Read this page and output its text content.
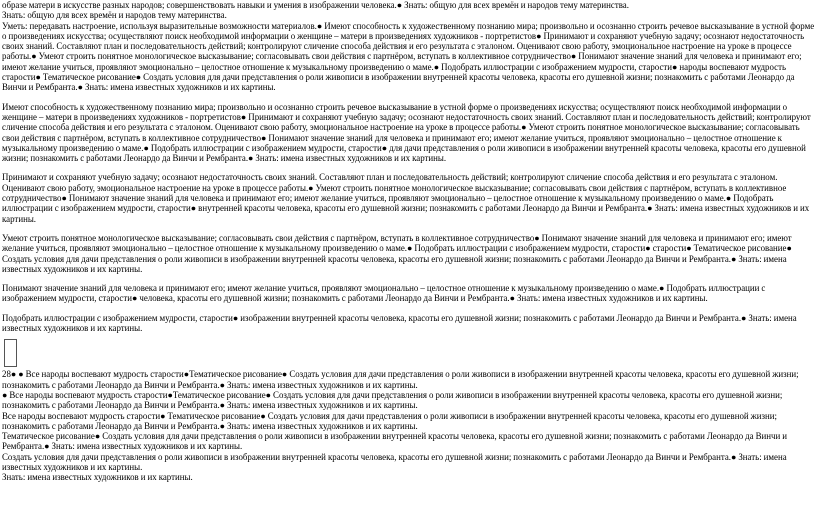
образе матери в искусстве разных народов; совершенствовать навыки и умения в изображении человека.● Знать: общую для всех времён и народов тему материнства.

Знать: общую для всех времён и народов тему материнства.

Уметь: передавать настроение, используя выразительные возможности материалов.● Имеют способность к художественному познанию мира; произвольно и осознанно строить речевое высказывание в устной форме о произведениях искусства; осуществляют поиск необходимой информации о женщине – матери в произведениях художников - портретистов● Принимают и сохраняют учебную задачу; осознают недостаточность своих знаний. Составляют план и последовательность действий; контролируют сличение способа действия и его результата с эталоном. Оценивают свою работу, эмоциональное настроение на уроке в процессе работы.● Умеют строить понятное монологическое высказывание; согласовывать свои действия с партнёром, вступать в коллективное сотрудничество● Понимают значение знаний для человека и принимают его; имеют желание учиться, проявляют эмоционально – целостное отношение к музыкальному произведению о маме.● Подобрать иллюстрации с изображением мудрости, старости● народы воспевают мудрость старости● Тематическое рисование● Создать условия для дачи представления о роли живописи в изображении внутренней красоты человека, красоты его душевной жизни; познакомить с работами Леонардо да Винчи и Рембранта.● Знать: имена известных художников и их картины.

Имеют способность к художественному познанию мира; произвольно и осознанно строить речевое высказывание в устной форме о произведениях искусства; осуществляют поиск необходимой информации о женщине – матери в произведениях художников - портретистов● Принимают и сохраняют учебную задачу; осознают недостаточность своих знаний. Составляют план и последовательность действий; контролируют сличение способа действия и его результата с эталоном. Оценивают свою работу, эмоциональное настроение на уроке в процессе работы.● Умеют строить понятное монологическое высказывание; согласовывать свои действия с партнёром, вступать в коллективное сотрудничество● Понимают значение знаний для человека и принимают его; имеют желание учиться, проявляют эмоционально – целостное отношение к музыкальному произведению о маме.● Подобрать иллюстрации с изображением мудрости, старости● для дачи представления о роли живописи в изображении внутренней красоты человека, красоты его душевной жизни; познакомить с работами Леонардо да Винчи и Рембранта.● Знать: имена известных художников и их картины.

Принимают и сохраняют учебную задачу; осознают недостаточность своих знаний. Составляют план и последовательность действий; контролируют сличение способа действия и его результата с эталоном. Оценивают свою работу, эмоциональное настроение на уроке в процессе работы.● Умеют строить понятное монологическое высказывание; согласовывать свои действия с партнёром, вступать в коллективное сотрудничество● Понимают значение знаний для человека и принимают его; имеют желание учиться, проявляют эмоционально – целостное отношение к музыкальному произведению о маме.● Подобрать иллюстрации с изображением мудрости, старости● внутренней красоты человека, красоты его душевной жизни; познакомить с работами Леонардо да Винчи и Рембранта.● Знать: имена известных художников и их картины.

Умеют строить понятное монологическое высказывание; согласовывать свои действия с партнёром, вступать в коллективное сотрудничество● Понимают значение знаний для человека и принимают его; имеют желание учиться, проявляют эмоционально – целостное отношение к музыкальному произведению о маме.● Подобрать иллюстрации с изображением мудрости, старости● старости● Тематическое рисование● Создать условия для дачи представления о роли живописи в изображении внутренней красоты человека, красоты его душевной жизни; познакомить с работами Леонардо да Винчи и Рембранта.● Знать: имена известных художников и их картины.

Понимают значение знаний для человека и принимают его; имеют желание учиться, проявляют эмоционально – целостное отношение к музыкальному произведению о маме.● Подобрать иллюстрации с изображением мудрости, старости● человека, красоты его душевной жизни; познакомить с работами Леонардо да Винчи и Рембранта.● Знать: имена известных художников и их картины.

Подобрать иллюстрации с изображением мудрости, старости● изображении внутренней красоты человека, красоты его душевной жизни; познакомить с работами Леонардо да Винчи и Рембранта.● Знать: имена известных художников и их картины.

28● ● Все народы воспевают мудрость старости●Тематическое рисование● Создать условия для дачи представления о роли живописи в изображении внутренней красоты человека, красоты его душевной жизни; познакомить с работами Леонардо да Винчи и Рембранта.● Знать: имена известных художников и их картины.

● Все народы воспевают мудрость старости●Тематическое рисование● Создать условия для дачи представления о роли живописи в изображении внутренней красоты человека, красоты его душевной жизни; познакомить с работами Леонардо да Винчи и Рембранта.● Знать: имена известных художников и их картины.

Все народы воспевают мудрость старости● Тематическое рисование● Создать условия для дачи представления о роли живописи в изображении внутренней красоты человека, красоты его душевной жизни; познакомить с работами Леонардо да Винчи и Рембранта.● Знать: имена известных художников и их картины.

Тематическое рисование● Создать условия для дачи представления о роли живописи в изображении внутренней красоты человека, красоты его душевной жизни; познакомить с работами Леонардо да Винчи и Рембранта.● Знать: имена известных художников и их картины.

Создать условия для дачи представления о роли живописи в изображении внутренней красоты человека, красоты его душевной жизни; познакомить с работами Леонардо да Винчи и Рембранта.● Знать: имена известных художников и их картины.

Знать: имена известных художников и их картины.
